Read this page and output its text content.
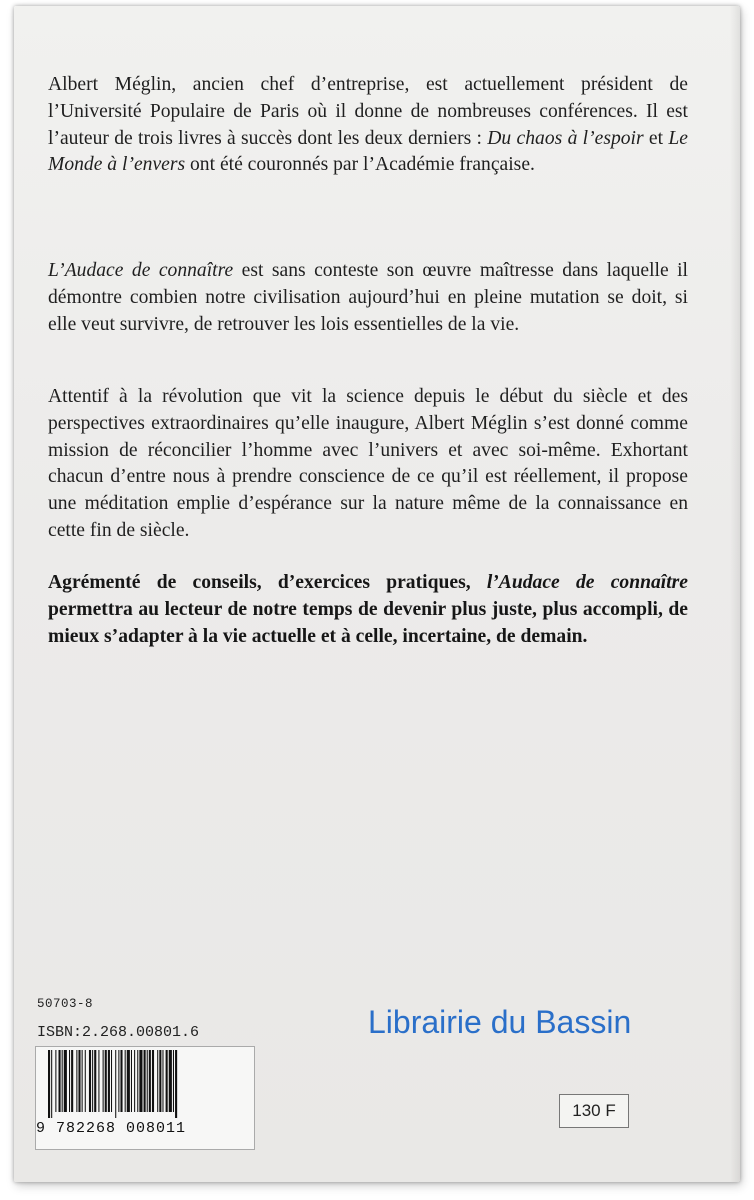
Albert Méglin, ancien chef d’entreprise, est actuellement président de l’Université Populaire de Paris où il donne de nombreuses conférences. Il est l’auteur de trois livres à succès dont les deux derniers : Du chaos à l’espoir et Le Monde à l’envers ont été couronnés par l’Académie française.

L’Audace de connaître est sans conteste son œuvre maîtresse dans laquelle il démontre combien notre civilisation aujourd’hui en pleine mutation se doit, si elle veut survivre, de retrouver les lois essentielles de la vie.

Attentif à la révolution que vit la science depuis le début du siècle et des perspectives extraordinaires qu’elle inaugure, Albert Méglin s’est donné comme mission de réconcilier l’homme avec l’univers et avec soi-même. Exhortant chacun d’entre nous à prendre conscience de ce qu’il est réellement, il propose une méditation emplie d’espérance sur la nature même de la connaissance en cette fin de siècle.

Agrémenté de conseils, d’exercices pratiques, l’Audace de connaître permettra au lecteur de notre temps de devenir plus juste, plus accompli, de mieux s’adapter à la vie actuelle et à celle, incertaine, de demain.

50703-8
ISBN:2.268.00801.6
9 782268 008011
Librairie du Bassin
130 F
